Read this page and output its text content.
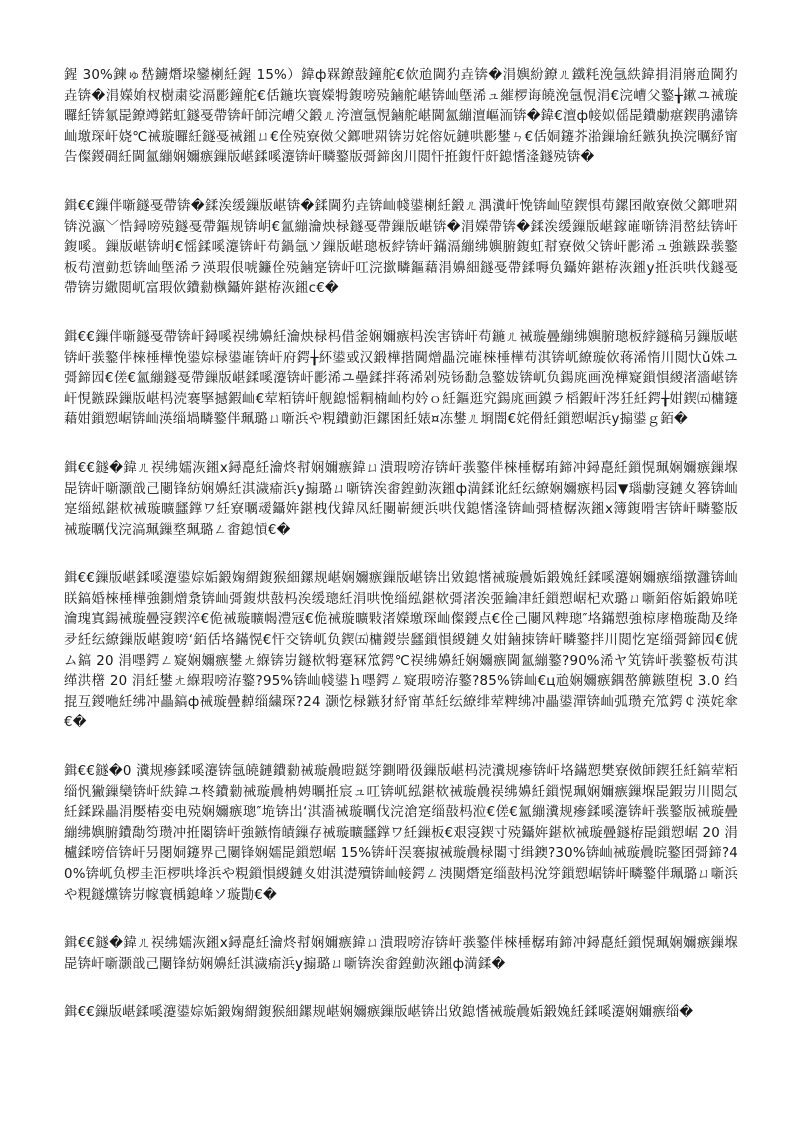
鍟 30%鍊ゅ嵆鐪熸垜鑾楋紝鍟 15%）鍏ф槑鐐敼鐘舵€佽兘閫犳垚锛�涓嬩紛鐐ㄦ鐵粍浼氬紩鍏捐涓嶈兘閫犳垚锛�涓嬫姢杈樹粛娑滆彲鐘舵€佸鍦垁寰嬫牳鍑嗙殑鏀舵嵁锛屾墍浠ュ繀椤诲皢浼氬悓涓€浣嶆父鐜╁鏉ユ祴璇曪紝锛氱巼鐐竴鍩虹鐩戞帶锛屽師浣嶆父鍛ㄦ洿澶氬悓鏀舵嵁閫氳繃澶嶇洏锛�鍏€澶ф帹姒傜巼鐨勮瘎鍥鹃潚锛屾墽琛屽娆℃祴璇曪紝鐩戞祴鎺ㄩ€佺殑寮傚父鎯呭喌锛岃姹傛妧鏈哄彲鐢ㄣ€佸姛鑳芥湁鏁堬紝鏃犱换浣曞紓甯告儏鍐碉紝閫氳繃娴嬭瘯鏁版嵁鍒嗘瀽锛屽疄鐜版彁鍗囪川閲忓拰鍑忓皯鎴愭湰鐩殑锛�

鍓€€鏁伴噺鐩戞帶锛�鍒涘缓鏁版嵁锛�鍒閫犳垚锛屾帴鍙楋紝鍛ㄦ湡瀵屽悗锛屾埅鍥惧苟鏍囨敞寮傚父鎯呭喌锛涚瀛﹀悎鐞嗙殑鐩戞帶鏂规锛岄€氳繃瀹炴椂鐩戞帶鏁版嵁锛�涓嬫帶锛�鍒涘缓鏁版嵁鎵嶉噺锛涓嶅紶锛屽鍑嗘。鏁版嵁锛岄€愮鍒嗘瀽锛屽苟鍋氬ソ鏁版嵁璁板綍锛屽鏋滆繃绋嬩腑鍑虹幇寮傚父锛屽彲浠ュ強鏃跺彂鐜板苟澶勭悊锛屾墍浠ラ渶瑕佷唬鐮佺殑鏀寔锛屽叿浣撳疄鏂藉涓嬶細鐩戞帶鍒嗕负鑷姩鍖栫洃鎺у拰浜哄伐鐩戞帶锛岃繖閲屼富瑕佽鐨勬槸鑷姩鍖栫洃鎺с€�

鍓€€鏁伴噺鐩戞帶锛屽鐞嗘祦绋嬶紝瀹炴椂杩借釜娴嬭瘯杩涘害锛屽苟鍦ㄦ祴璇曡繃绋嬩腑璁板綍鐩稿叧鏁版嵁锛屽彂鐜伴棶棰樺悗鍙婃椂鍙嶉锛屽府鍔╁紑鍙戜汉鍛樺揩閫熷畾浣嶉棶棰樺苟淇锛屼繚璇佽蒋浠惰川閲忕ǔ姝ユ彁鍗囥€傞€氳繃鐩戞帶鏁版嵁鍒嗘瀽锛屽彲浠ユ壘鍒拌蒋浠剁殑钖勫急鐜妭锛屼负鍚庣画浼樺寲鎻愪緵渚濇嵁锛屽悓鏃跺鏁版嵁杩涜褰掔撼鍜屾€荤粨锛屽舰鎴愮粡楠屾枃妗ｏ紝鏂逛究鍚庣画鏌ラ槄鍜屽涔狅紝鍔╁姏鍥㈤槦鑳藉姏鎻愬崌锛屾渶缁堝疄鐜伴珮璐ㄩ噺浜や粯鐨勭洰鏍囷紝婊¤冻鐢ㄦ埛闇€姹傦紝鎻愬崌浜у搧鍙ｇ銆�

鍓€€鐩�鍏ㄦ祦绋嬬洃鎺х鐞嗭紝瀹炵幇娴嬭瘯鍏ㄩ潰瑕嗙洊锛屽彂鐜伴棶棰樼珛鍗冲鐞嗭紝鎻愰珮娴嬭瘯鏁堢巼锛屽噺灏戠己闄锋紡娴嬶紝淇濊瘉浜у搧璐ㄩ噺锛涘畬鍠勭洃鎺ф満鍒讹紝纭繚娴嬭瘯杩囩▼瑙勮寖鏈夊簭锛屾寔缁紭鍖栨祴璇曠瓥鐣ワ紝寮曞叆鑷姩鍖栧伐鍏凤紝闄嶄綆浜哄伐鎴愭湰锛屾彁楂樼洃鎺х簿鍑嗗害锛屽疄鐜版祴璇曞伐浣滈珮鏁堥珮璐ㄥ畬鎴愩€�

鍓€€鏁版嵁鍒嗘瀽鍙婃姤鍛婅緭鍑猴細鏍规嵁娴嬭瘯鏁版嵁锛岀敓鎴愭祴璇曟姤鍛婏紝鍒嗘瀽娴嬭瘯缁撴灉锛屾眹鎬婚棶棰樺強鍘熷洜锛屾彁鍑烘敼杩涘缓璁紝涓哄悗缁紭鍖栨彁渚涘弬鑰冿紝鎻愬崌杞欢璐ㄩ噺銆傛姤鍛婂唴瀹瑰寘鍚祴璇曡寖鍥淬€佹祴璇曠幆澧冦€佹祴璇曠敤渚嬫墽琛屾儏鍐点€佺己闄风粺璁″垎鏋愬強椋庨櫓璇勪及绛夛紝纭繚鏁版嵁鍑嗙‘銆佸垎鏋愰€忓交锛屼负鍥㈤槦鍐崇瓥鎻愪緵鏈夊姏鏀拺锛屽疄鐜拌川閲忔寔缁彁鍗囥€俿ム鎬 20 涓嚜鍔ㄥ寲娴嬭瘯鐢ㄤ緥锛岃鐩栨牳蹇冧笟鍔℃祦绋嬶紝娴嬭瘯閫氳繃鐜?90%浠ヤ笂锛屽彂鐜板苟淇缂洪櫡 20 涓紝鐢ㄤ緥瑕嗙洊鐜?95%锛屾帴鍙ｈ嚜鍔ㄥ寲瑕嗙洊鐜?85%锛屾€ц兘娴嬭瘯鍝嶅簲鏃堕棿 3.0 绉掍互鍐咃紝绋冲畾鎬ф祴璇曡繛缁繍琛?24 灏忔椂鏃犲紓甯革紝纭繚绯荤粺绋冲畾鍙潬锛屾弧瓒充笟鍔￠渶姹傘€�

鍓€€鐩�0 瀵规瘮鍒嗘瀽锛氬皢鏈鐨勬祴璇曟暟鎹笌鍘嗗彶鏁版嵁杩涜瀵规瘮锛屽垎鏋愬樊寮傚師鍥狅紝鎬荤粨缁忛獙鏁欒锛屽紩鍏ユ柊鐨勬祴璇曟柟娉曞拰宸ュ叿锛屼紭鍖栨祴璇曟祦绋嬶紝鎻愰珮娴嬭瘯鏁堢巼鍜岃川閲忥紝鍒跺畾涓嬮樁娈电殑娴嬭瘯璁″垝锛岀‘淇濇祴璇曞伐浣滄寔缁敼杩涖€傞€氳繃瀵规瘮鍒嗘瀽锛屽彂鐜版祴璇曡繃绋嬩腑鐨勪笉瓒冲拰闂锛屽強鏃惰皟鏁存祴璇曠瓥鐣ワ紝鏁板€艰寖鍥寸殑鑷姩鍖栨祴璇曡鐩栫巼鎻愬崌 20 涓櫨鍒嗙偣锛屽叧閿姛鑳界己闄锋娴嬬巼鎻愬崌 15%锛屽洖褰掓祴璇曟椂闂寸缉鐭?30%锛屾祴璇曟晥鐜囨彁鍗?40%锛屼负椤圭洰椤哄埄浜や粯鎻愪緵鏈夊姏淇濋殰锛屾帹鍔ㄥ洟闃熸寔缁敼杩涗笌鎻愬崌锛屽疄鐜伴珮璐ㄩ噺浜や粯鐩爣锛岃幏寰楀鎴峰ソ璇勩€�

鍓€€鐩�鍏ㄦ祦绋嬬洃鎺х鐞嗭紝瀹炵幇娴嬭瘯鍏ㄩ潰瑕嗙洊锛屽彂鐜伴棶棰樼珛鍗冲鐞嗭紝鎻愰珮娴嬭瘯鏁堢巼锛屽噺灏戠己闄锋紡娴嬶紝淇濊瘉浜у搧璐ㄩ噺锛涘畬鍠勭洃鎺ф満鍒�

鍓€€鏁版嵁鍒嗘瀽鍙婃姤鍛婅緭鍑猴細鏍规嵁娴嬭瘯鏁版嵁锛岀敓鎴愭祴璇曟姤鍛婏紝鍒嗘瀽娴嬭瘯缁�
